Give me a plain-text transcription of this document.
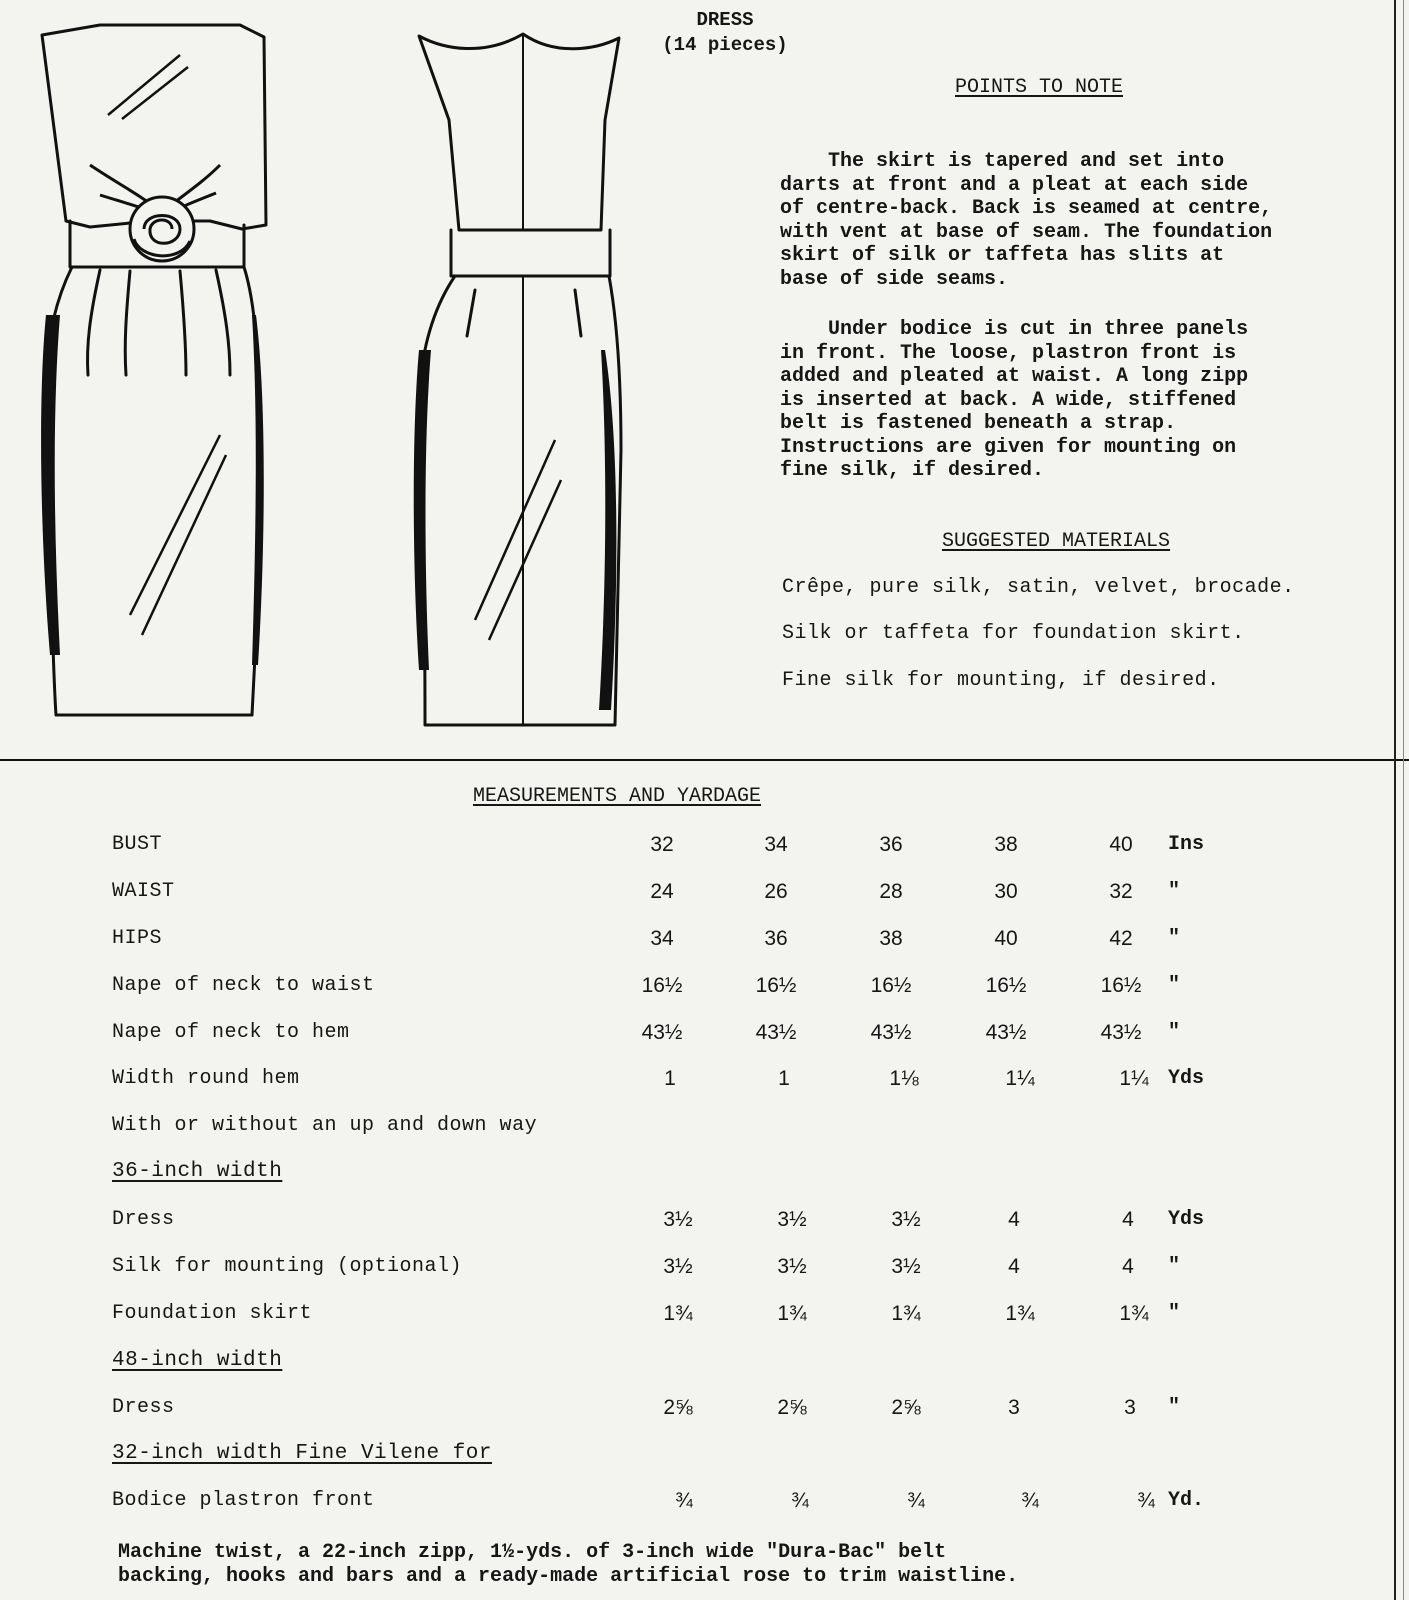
DRESS
(14 pieces)
POINTS TO NOTE
The skirt is tapered and set into
darts at front and a pleat at each side
of centre-back. Back is seamed at centre,
with vent at base of seam. The foundation
skirt of silk or taffeta has slits at
base of side seams.
Under bodice is cut in three panels
in front. The loose, plastron front is
added and pleated at waist. A long zipp
is inserted at back. A wide, stiffened
belt is fastened beneath a strap.
Instructions are given for mounting on
fine silk, if desired.
SUGGESTED MATERIALS
Crêpe, pure silk, satin, velvet, brocade.
Silk or taffeta for foundation skirt.
Fine silk for mounting, if desired.
MEASUREMENTS AND YARDAGE
BUST	32	34	36	38	40	Ins
WAIST	24	26	28	30	32	"
HIPS	34	36	38	40	42	"
Nape of neck to waist	16½	16½	16½	16½	16½	"
Nape of neck to hem	43½	43½	43½	43½	43½	"
Width round hem	1	1	1⅛	1¼	1¼ Yds
With or without an up and down way
36-inch width
Dress	3½	3½	3½	4	4	Yds
Silk for mounting (optional)	3½	3½	3½	4	4	"
Foundation skirt	1¾	1¾	1¾	1¾	1¾ "
48-inch width
Dress	2⅝	2⅝	2⅝	3	3	"
32-inch width Fine Vilene for
Bodice plastron front	¾	¾	¾	¾	¾ Yd.
Machine twist, a 22-inch zipp, 1½-yds. of 3-inch wide "Dura-Bac" belt
backing, hooks and bars and a ready-made artificial rose to trim waistline.
